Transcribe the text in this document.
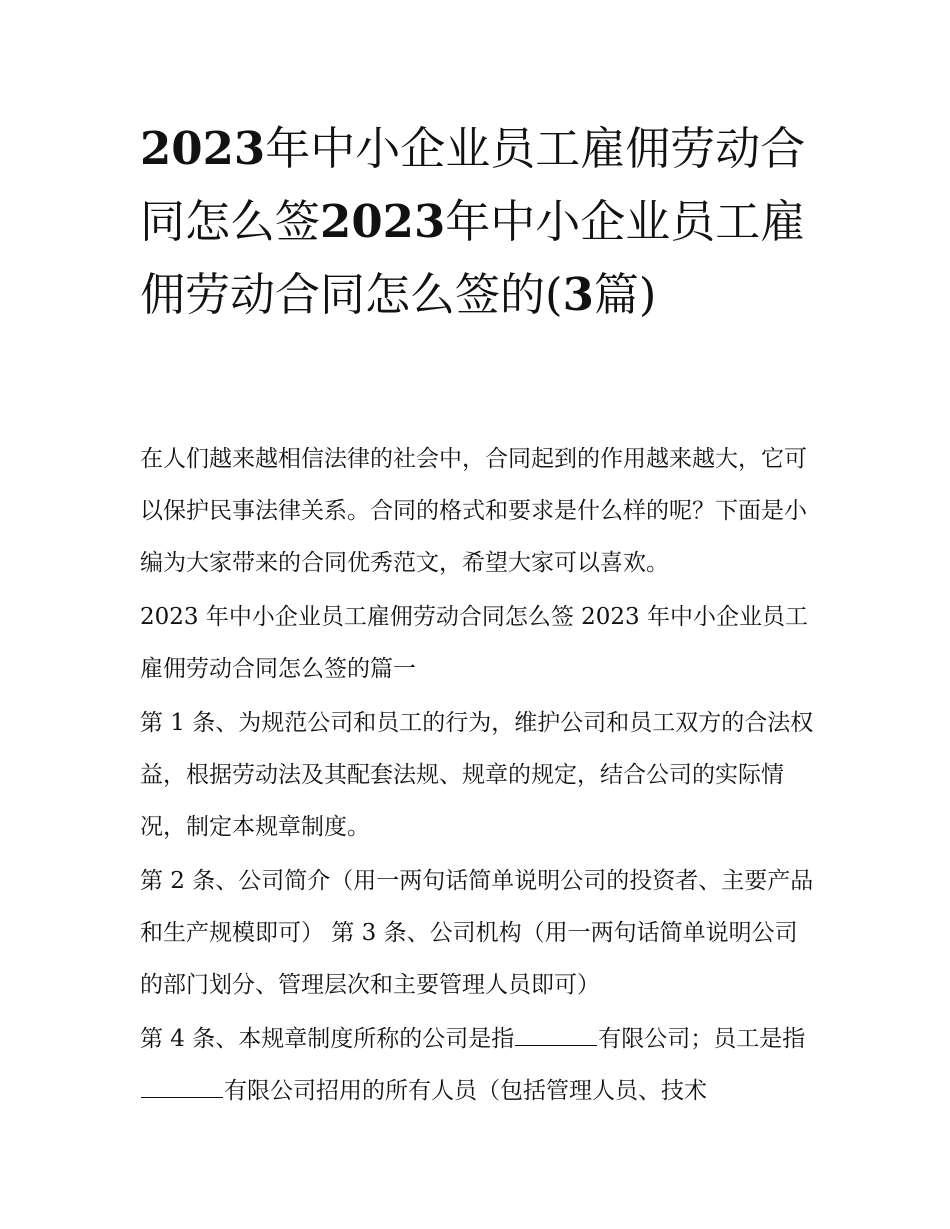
2023年中小企业员工雇佣劳动合同怎么签2023年中小企业员工雇佣劳动合同怎么签的(3篇)

在人们越来越相信法律的社会中，合同起到的作用越来越大，它可以保护民事法律关系。合同的格式和要求是什么样的呢？下面是小编为大家带来的合同优秀范文，希望大家可以喜欢。

2023 年中小企业员工雇佣劳动合同怎么签 2023 年中小企业员工雇佣劳动合同怎么签的篇一

第 1 条、为规范公司和员工的行为，维护公司和员工双方的合法权益，根据劳动法及其配套法规、规章的规定，结合公司的实际情况，制定本规章制度。

第 2 条、公司简介（用一两句话简单说明公司的投资者、主要产品和生产规模即可） 第 3 条、公司机构（用一两句话简单说明公司的部门划分、管理层次和主要管理人员即可）

第 4 条、本规章制度所称的公司是指	有限公司；员工是指有限公司招用的所有人员（包括管理人员、技术
